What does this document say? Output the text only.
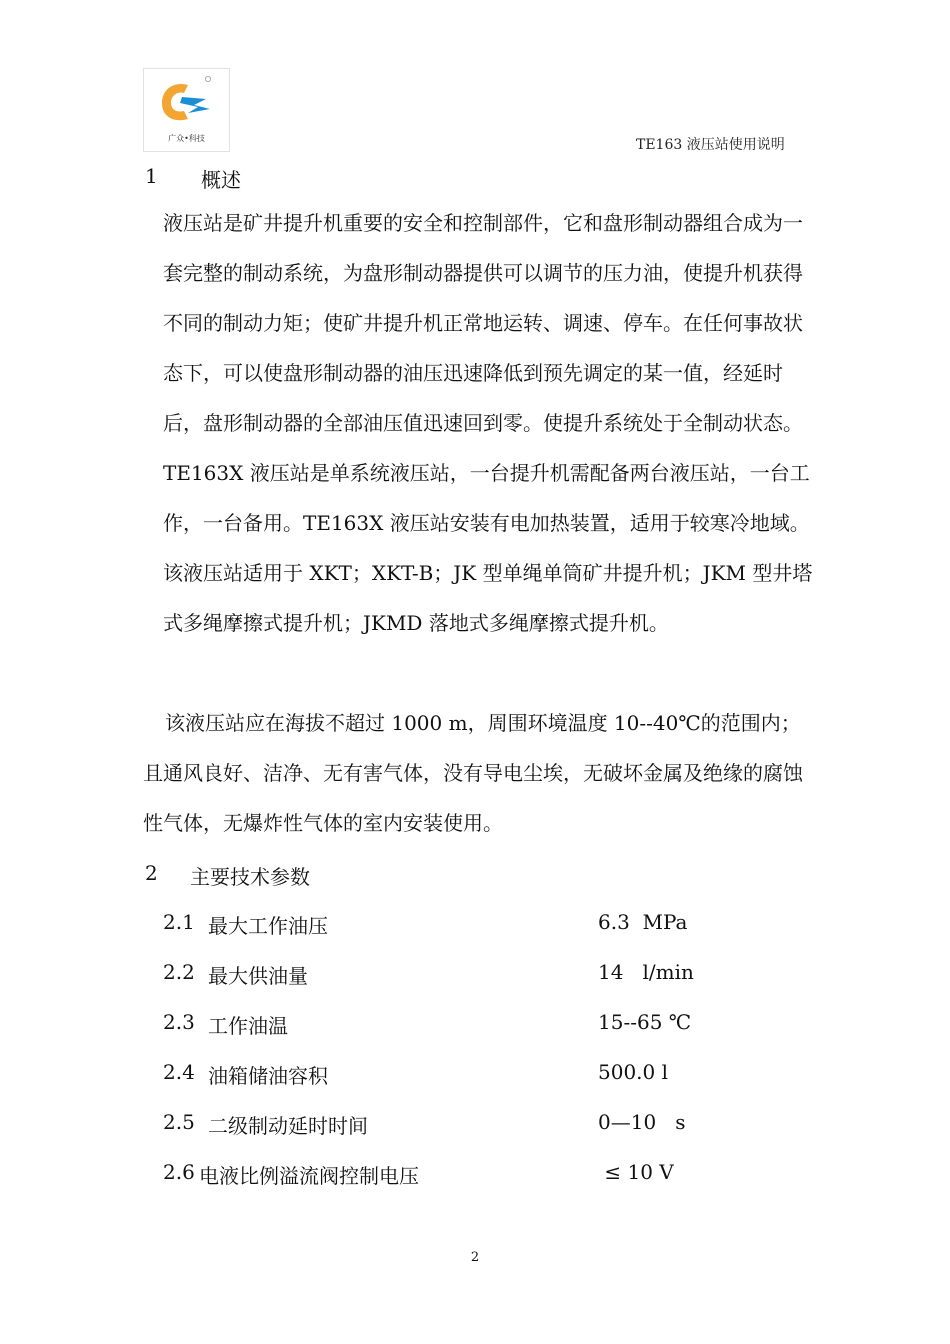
广众•科技	TE163 液压站使用说明
1 概述

液压站是矿井提升机重要的安全和控制部件，它和盘形制动器组合成为一套完整的制动系统，为盘形制动器提供可以调节的压力油，使提升机获得不同的制动力矩；使矿井提升机正常地运转、调速、停车。在任何事故状态下，可以使盘形制动器的油压迅速降低到预先调定的某一值，经延时后，盘形制动器的全部油压值迅速回到零。使提升系统处于全制动状态。TE163X 液压站是单系统液压站，一台提升机需配备两台液压站，一台工作，一台备用。TE163X 液压站安装有电加热装置，适用于较寒冷地域。该液压站适用于 XKT；XKT-B；JK 型单绳单筒矿井提升机；JKM 型井塔式多绳摩擦式提升机；JKMD 落地式多绳摩擦式提升机。

该液压站应在海拔不超过 1000 m，周围环境温度 10--40℃的范围内；且通风良好、洁净、无有害气体，没有导电尘埃，无破坏金属及绝缘的腐蚀性气体，无爆炸性气体的室内安装使用。

2 主要技术参数
2.1 最大工作油压	6.3  MPa
2.2 最大供油量	14   l/min
2.3 工作油温	15--65 ℃
2.4 油箱储油容积	500.0 l
2.5 二级制动延时时间	0—10   s
2.6 电液比例溢流阀控制电压	≤ 10 V
2
